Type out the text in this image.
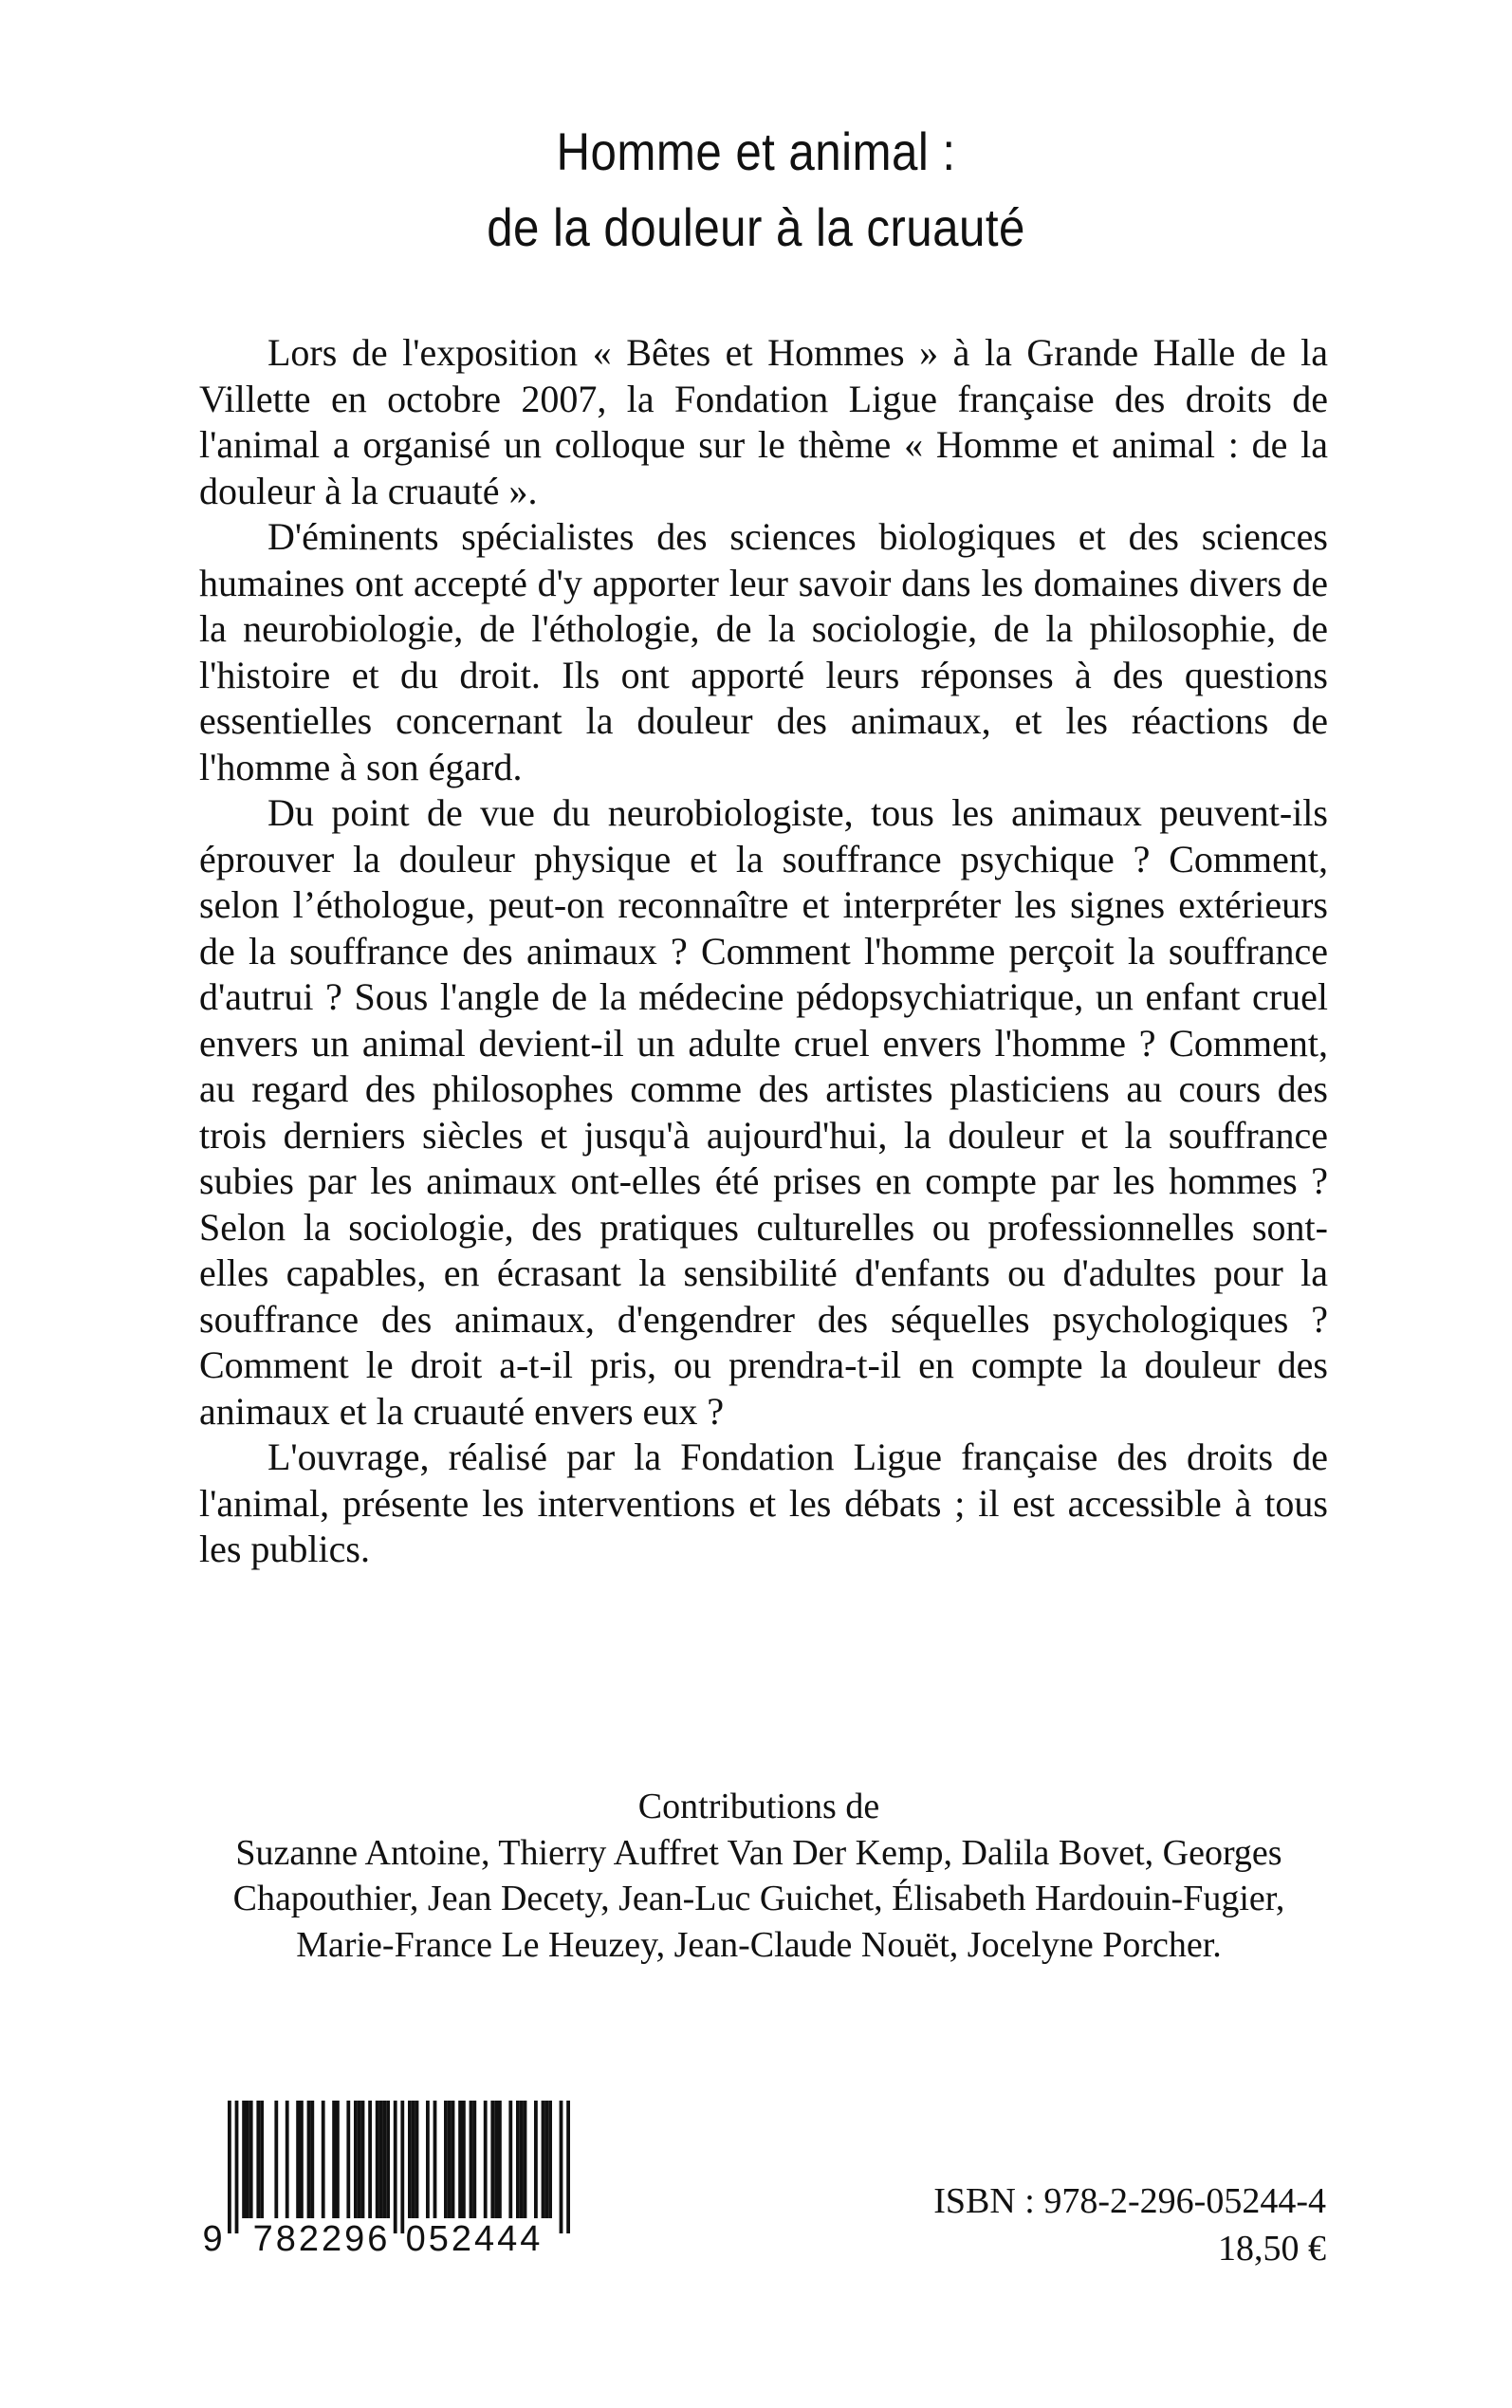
Homme et animal :
de la douleur à la cruauté

Lors de l'exposition « Bêtes et Hommes » à la Grande Halle de la Villette en octobre 2007, la Fondation Ligue française des droits de l'animal a organisé un colloque sur le thème « Homme et animal : de la douleur à la cruauté ».

D'éminents spécialistes des sciences biologiques et des sciences humaines ont accepté d'y apporter leur savoir dans les domaines divers de la neurobiologie, de l'éthologie, de la sociologie, de la philosophie, de l'histoire et du droit. Ils ont apporté leurs réponses à des questions essentielles concernant la douleur des animaux, et les réactions de l'homme à son égard.

Du point de vue du neurobiologiste, tous les animaux peuvent-ils éprouver la douleur physique et la souffrance psychique ? Comment, selon l’éthologue, peut-on reconnaître et interpréter les signes extérieurs de la souffrance des animaux ? Comment l'homme perçoit la souffrance d'autrui ? Sous l'angle de la médecine pédopsychiatrique, un enfant cruel envers un animal devient-il un adulte cruel envers l'homme ? Comment, au regard des philosophes comme des artistes plasticiens au cours des trois derniers siècles et jusqu'à aujourd'hui, la douleur et la souffrance subies par les animaux ont-elles été prises en compte par les hommes ? Selon la sociologie, des pratiques culturelles ou professionnelles sont-elles capables, en écrasant la sensibilité d'enfants ou d'adultes pour la souffrance des animaux, d'engendrer des séquelles psychologiques ? Comment le droit a-t-il pris, ou prendra-t-il en compte la douleur des animaux et la cruauté envers eux ?

L'ouvrage, réalisé par la Fondation Ligue française des droits de l'animal, présente les interventions et les débats ; il est accessible à tous les publics.

Contributions de
Suzanne Antoine, Thierry Auffret Van Der Kemp, Dalila Bovet, Georges Chapouthier, Jean Decety, Jean-Luc Guichet, Élisabeth Hardouin-Fugier, Marie-France Le Heuzey, Jean-Claude Nouët, Jocelyne Porcher.
9 782296 052444
ISBN : 978-2-296-05244-4
18,50 €
